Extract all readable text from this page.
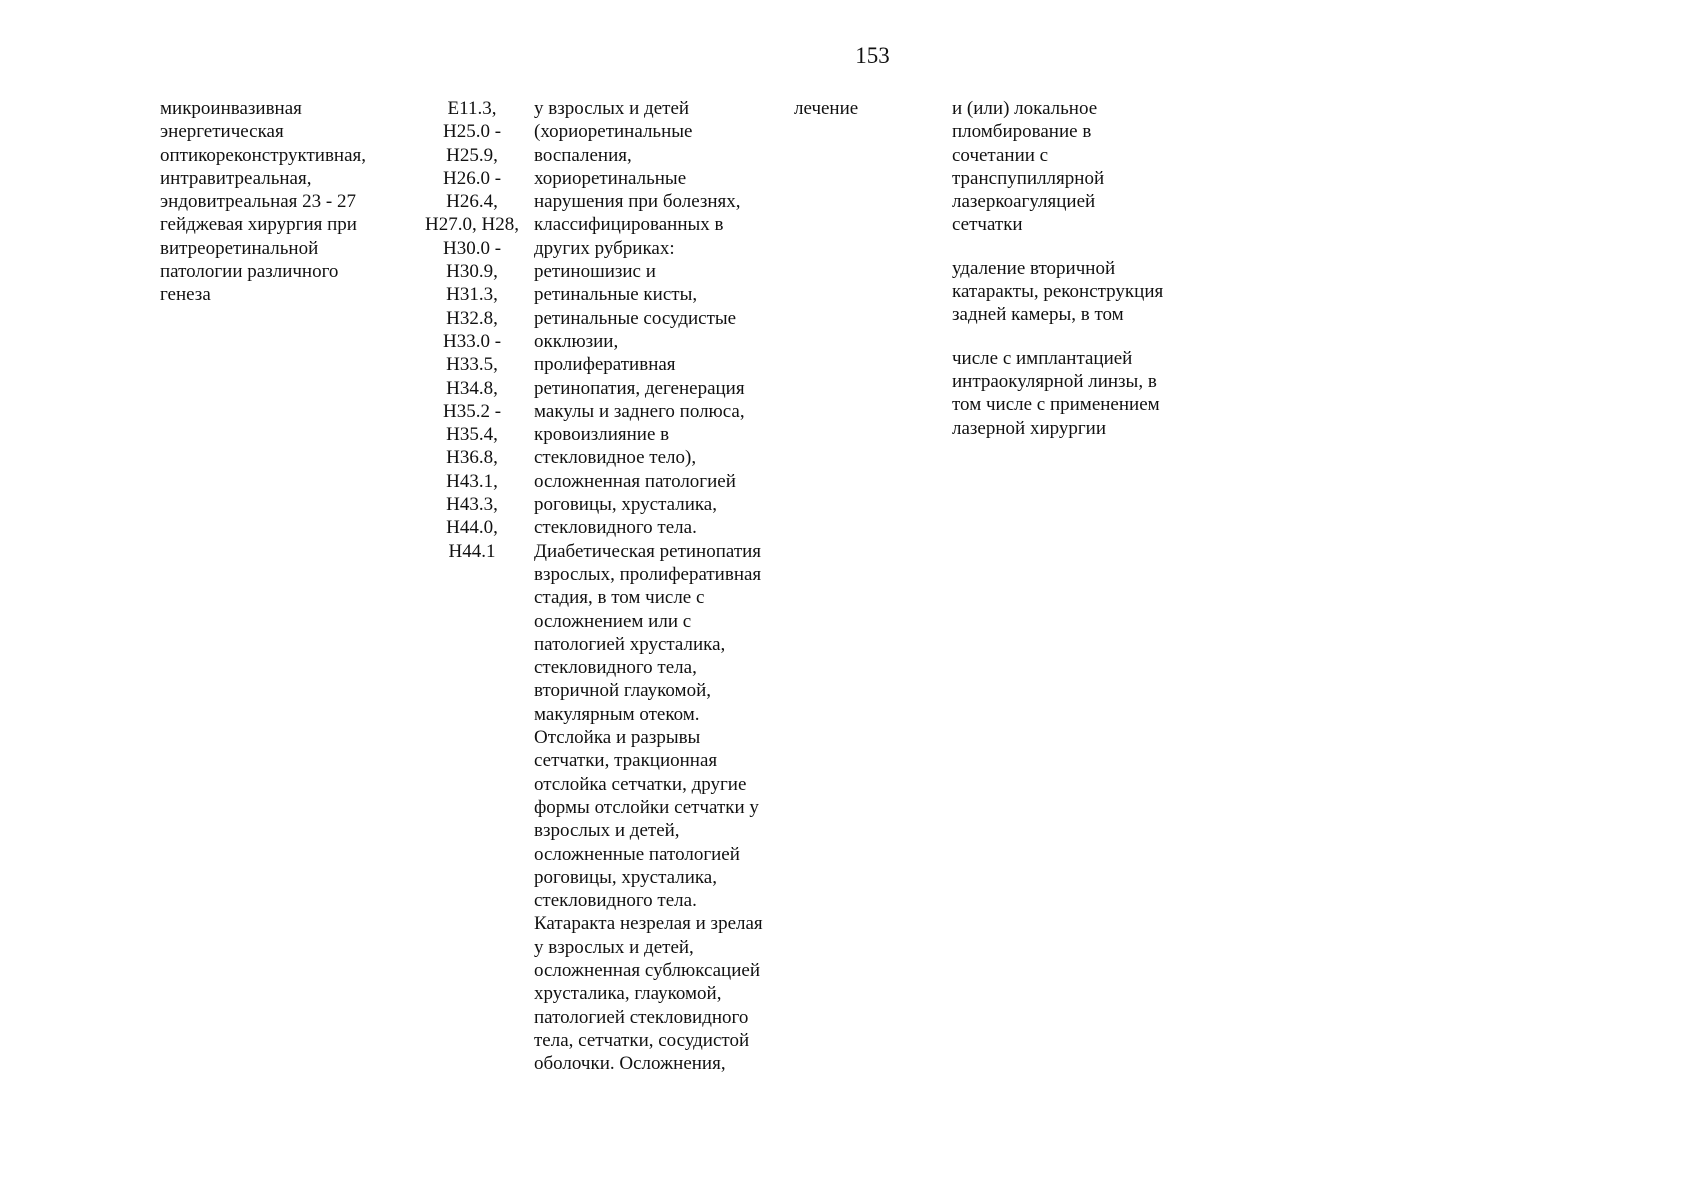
153
микроинвазивная
энергетическая
оптикореконструктивная,
интравитреальная,
эндовитреальная 23 - 27
гейджевая хирургия при
витреоретинальной
патологии различного
генеза
E11.3,
H25.0 -
H25.9,
H26.0 -
H26.4,
H27.0, H28,
H30.0 -
H30.9,
H31.3,
H32.8,
H33.0 -
H33.5,
H34.8,
H35.2 -
H35.4,
H36.8,
H43.1,
H43.3,
H44.0,
H44.1
у взрослых и детей
(хориоретинальные
воспаления,
хориоретинальные
нарушения при болезнях,
классифицированных в
других рубриках:
ретиношизис и
ретинальные кисты,
ретинальные сосудистые
окклюзии,
пролиферативная
ретинопатия, дегенерация
макулы и заднего полюса,
кровоизлияние в
стекловидное тело),
осложненная патологией
роговицы, хрусталика,
стекловидного тела.
Диабетическая ретинопатия
взрослых, пролиферативная
стадия, в том числе с
осложнением или с
патологией хрусталика,
стекловидного тела,
вторичной глаукомой,
макулярным отеком.
Отслойка и разрывы
сетчатки, тракционная
отслойка сетчатки, другие
формы отслойки сетчатки у
взрослых и детей,
осложненные патологией
роговицы, хрусталика,
стекловидного тела.
Катаракта незрелая и зрелая
у взрослых и детей,
осложненная сублюксацией
хрусталика, глаукомой,
патологией стекловидного
тела, сетчатки, сосудистой
оболочки. Осложнения,
лечение	и (или) локальное
пломбирование в
сочетании с
транспупиллярной
лазеркоагуляцией
сетчатки
удаление вторичной
катаракты, реконструкция
задней камеры, в том
числе с имплантацией
интраокулярной линзы, в
том числе с применением
лазерной хирургии
